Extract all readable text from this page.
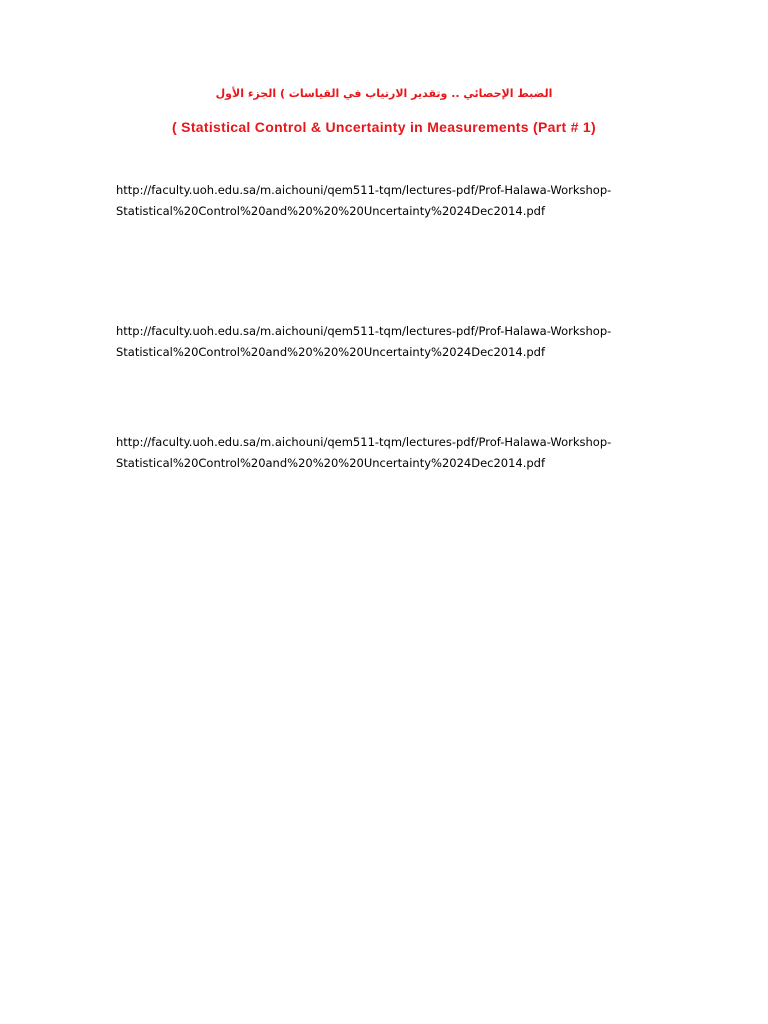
الضبط الإحصائي .. وتقدير الارتياب في القياسات ) الجزء الأول
( Statistical Control & Uncertainty in Measurements (Part # 1)
http://faculty.uoh.edu.sa/m.aichouni/qem511-tqm/lectures-pdf/Prof-Halawa-Workshop-
Statistical%20Control%20and%20%20%20Uncertainty%2024Dec2014.pdf
http://faculty.uoh.edu.sa/m.aichouni/qem511-tqm/lectures-pdf/Prof-Halawa-Workshop-
Statistical%20Control%20and%20%20%20Uncertainty%2024Dec2014.pdf
http://faculty.uoh.edu.sa/m.aichouni/qem511-tqm/lectures-pdf/Prof-Halawa-Workshop-
Statistical%20Control%20and%20%20%20Uncertainty%2024Dec2014.pdf
